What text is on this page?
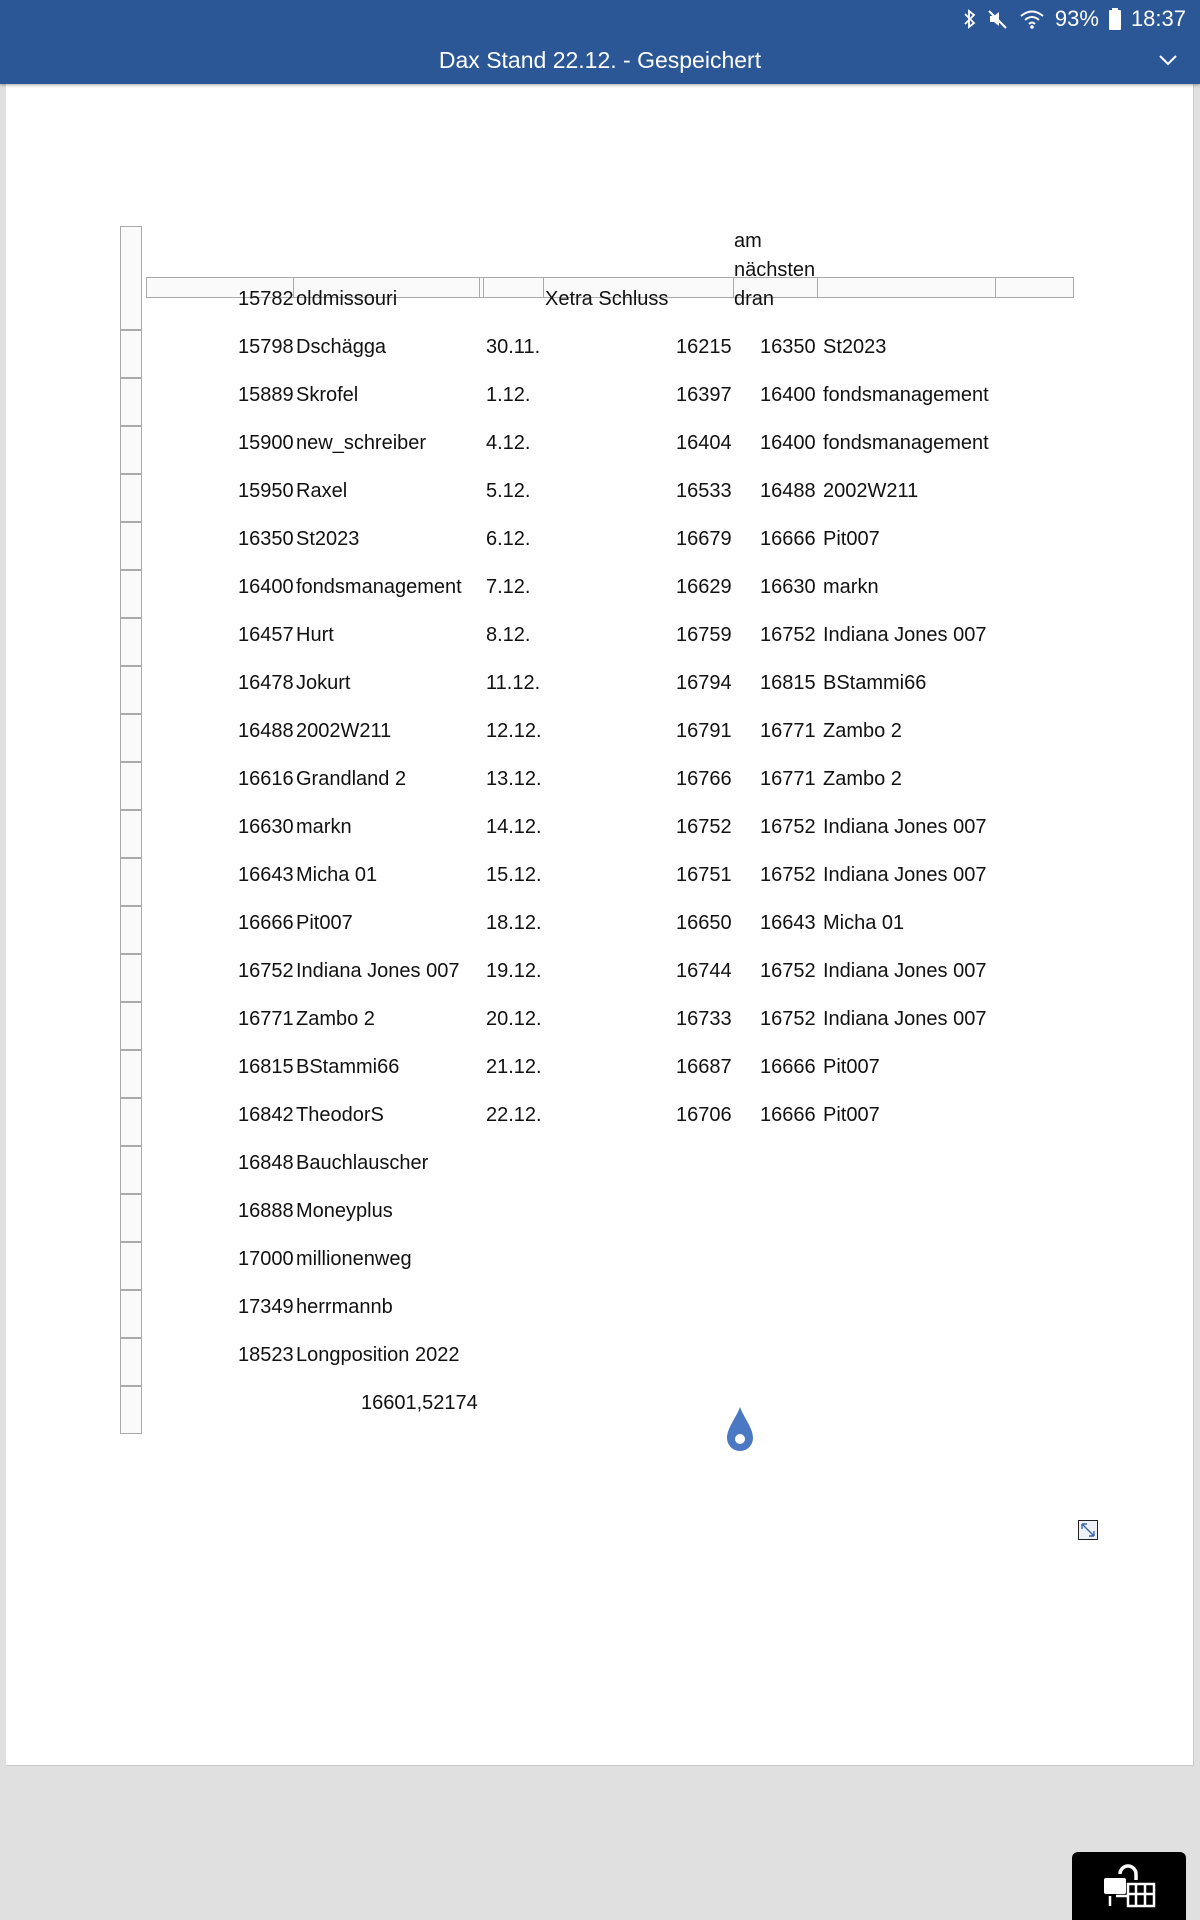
93% 18:37
Dax Stand 22.12. - Gespeichert
15782 oldmissouri	Xetra Schluss
am nächsten dran
15798 Dschägga	30.11.	16215 16350 St2023
15889 Skrofel	1.12.	16397 16400 fondsmanagement
15900 new_schreiber	4.12.	16404 16400 fondsmanagement
15950 Raxel	5.12.	16533 16488 2002W211
16350 St2023	6.12.	16679 16666 Pit007
16400 fondsmanagement 7.12.	16629 16630 markn
16457 Hurt	8.12.	16759 16752 Indiana Jones 007
16478 Jokurt	11.12.	16794 16815 BStammi66
16488 2002W211	12.12.	16791 16771 Zambo 2
16616 Grandland 2	13.12.	16766 16771 Zambo 2
16630 markn	14.12.	16752 16752 Indiana Jones 007
16643 Micha 01	15.12.	16751 16752 Indiana Jones 007
16666 Pit007	18.12.	16650 16643 Micha 01
16752 Indiana Jones 007 19.12.	16744 16752 Indiana Jones 007
16771 Zambo 2	20.12.	16733 16752 Indiana Jones 007
16815 BStammi66	21.12.	16687 16666 Pit007
16842 TheodorS	22.12.	16706 16666 Pit007
16848 Bauchlauscher
16888 Moneyplus
17000 millionenweg
17349 herrmannb
18523 Longposition 2022
16601,52174
